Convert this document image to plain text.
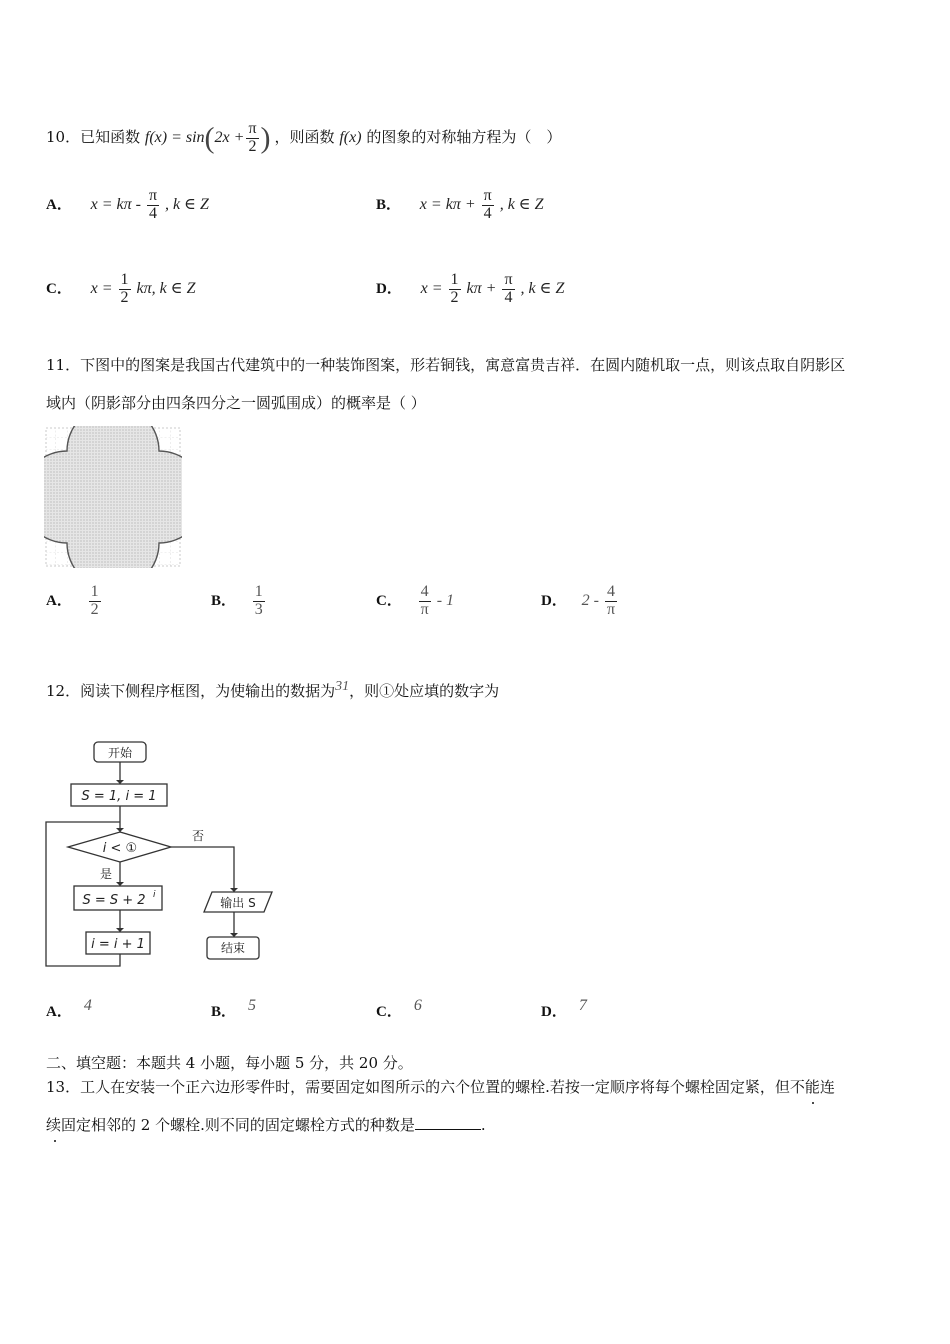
10．已知函数 $f(x) = \sin(2x + \frac{\pi}{2}$ ) ，则函数 f(x) 的图象的对称轴方程为（　）
A． $x = k\pi - \frac{\pi}{4}$ , k ∈ Z	B． $x = k\pi + \frac{\pi}{4}$ , k ∈ Z
C． $x = \frac{1}{2} k\pi$, k ∈ Z	D． $x = \frac{1}{2}$ $k\pi + \frac{\pi}{4}$ , k ∈ Z
11．下图中的图案是我国古代建筑中的一种装饰图案，形若铜钱，寓意富贵吉祥．在圆内随机取一点，则该点取自阴影区
域内（阴影部分由四条四分之一圆弧围成）的概率是（ ）
A． $\frac{1}{2}$	B． $\frac{1}{3}$	C． $\frac{4}{\pi} - 1$	D． $2 - \frac{4}{\pi}$
12．阅读下侧程序框图，为使输出的数据为31，则①处应填的数字为
开始
S = 1, i = 1
i < ①
否
是
S = S + 2 i
i = i + 1
输出 S
结束
A． 4	B． 5	C． 6	D． 7
二、填空题：本题共 4 小题，每小题 5 分，共 20 分。
13．工人在安装一个正六边形零件时，需要固定如图所示的六个位置的螺栓.若按一定顺序将每个螺栓固定紧，但不能连
续固定相邻的 2 个螺栓.则不同的固定螺栓方式的种数是	.
